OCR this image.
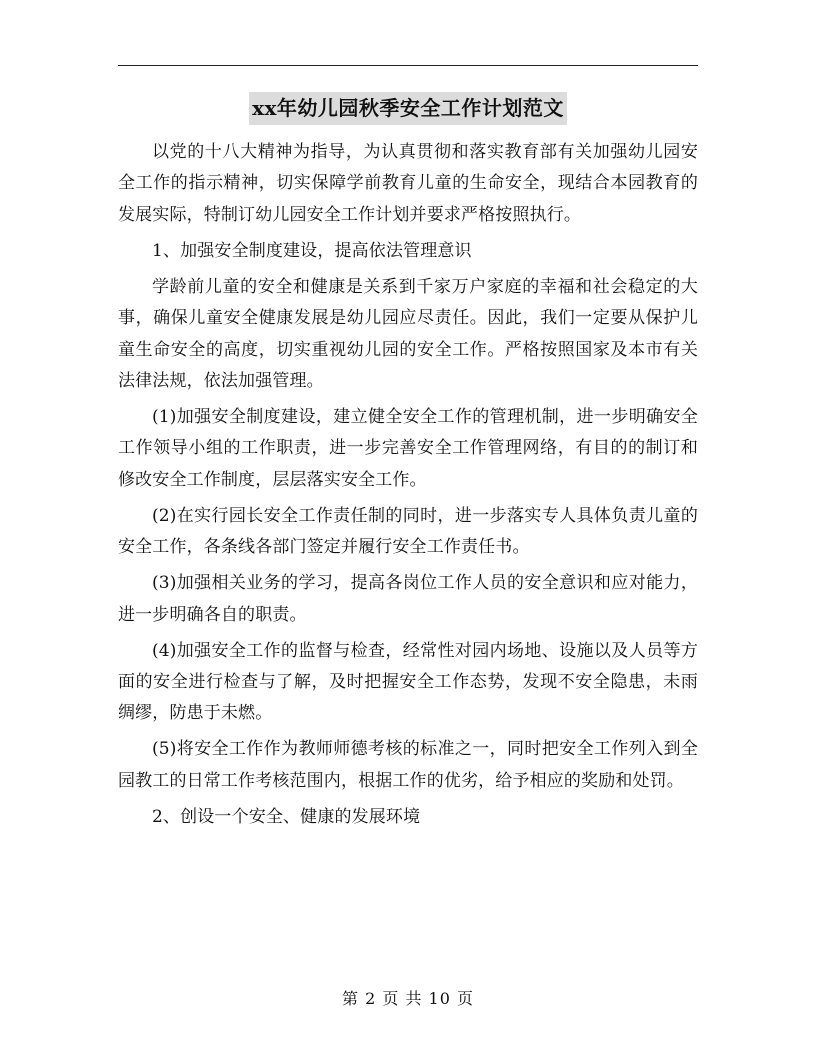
xx年幼儿园秋季安全工作计划范文

以党的十八大精神为指导，为认真贯彻和落实教育部有关加强幼儿园安全工作的指示精神，切实保障学前教育儿童的生命安全，现结合本园教育的发展实际，特制订幼儿园安全工作计划并要求严格按照执行。

1、加强安全制度建设，提高依法管理意识

学龄前儿童的安全和健康是关系到千家万户家庭的幸福和社会稳定的大事，确保儿童安全健康发展是幼儿园应尽责任。因此，我们一定要从保护儿童生命安全的高度，切实重视幼儿园的安全工作。严格按照国家及本市有关法律法规，依法加强管理。

(1)加强安全制度建设，建立健全安全工作的管理机制，进一步明确安全工作领导小组的工作职责，进一步完善安全工作管理网络，有目的的制订和修改安全工作制度，层层落实安全工作。

(2)在实行园长安全工作责任制的同时，进一步落实专人具体负责儿童的安全工作，各条线各部门签定并履行安全工作责任书。

(3)加强相关业务的学习，提高各岗位工作人员的安全意识和应对能力，进一步明确各自的职责。

(4)加强安全工作的监督与检查，经常性对园内场地、设施以及人员等方面的安全进行检查与了解，及时把握安全工作态势，发现不安全隐患，未雨绸缪，防患于未燃。

(5)将安全工作作为教师师德考核的标准之一，同时把安全工作列入到全园教工的日常工作考核范围内，根据工作的优劣，给予相应的奖励和处罚。

2、创设一个安全、健康的发展环境

第 2 页 共 10 页
